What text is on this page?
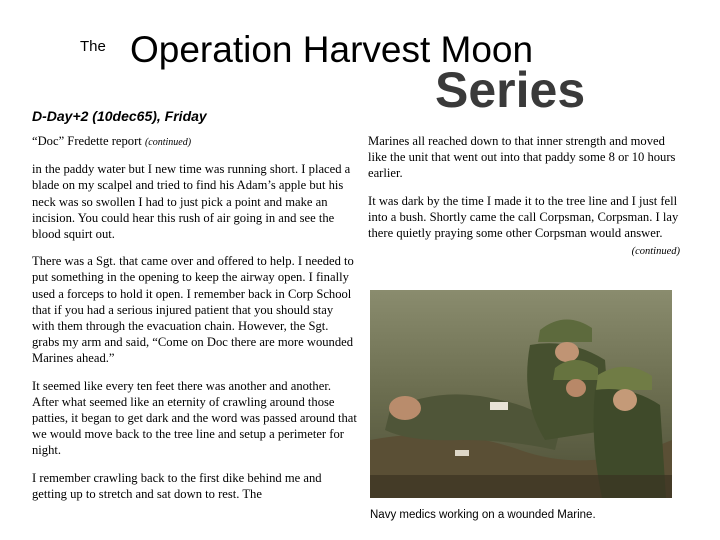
The Operation Harvest Moon
Series
D-Day+2 (10dec65), Friday

“Doc” Fredette report (continued)

in the paddy water but I new time was running short. I placed a blade on my scalpel and tried to find his Adam’s apple but his neck was so swollen I had to just pick a point and make an incision. You could hear this rush of air going in and see the blood squirt out.

There was a Sgt. that came over and offered to help. I needed to put something in the opening to keep the airway open. I finally used a forceps to hold it open. I remember back in Corp School that if you had a serious injured patient that you should stay with them through the evacuation chain. However, the Sgt. grabs my arm and said, “Come on Doc there are more wounded Marines ahead.”

It seemed like every ten feet there was another and another. After what seemed like an eternity of crawling around those patties, it began to get dark and the word was passed around that we would move back to the tree line and setup a perimeter for night.

I remember crawling back to the first dike behind me and getting up to stretch and sat down to rest. The

Marines all reached down to that inner strength and moved like the unit that went out into that paddy some 8 or 10 hours earlier.

It was dark by the time I made it to the tree line and I just fell into a bush. Shortly came the call Corpsman, Corpsman. I lay there quietly praying some other Corpsman would answer.

(continued)

Navy medics working on a wounded Marine.
